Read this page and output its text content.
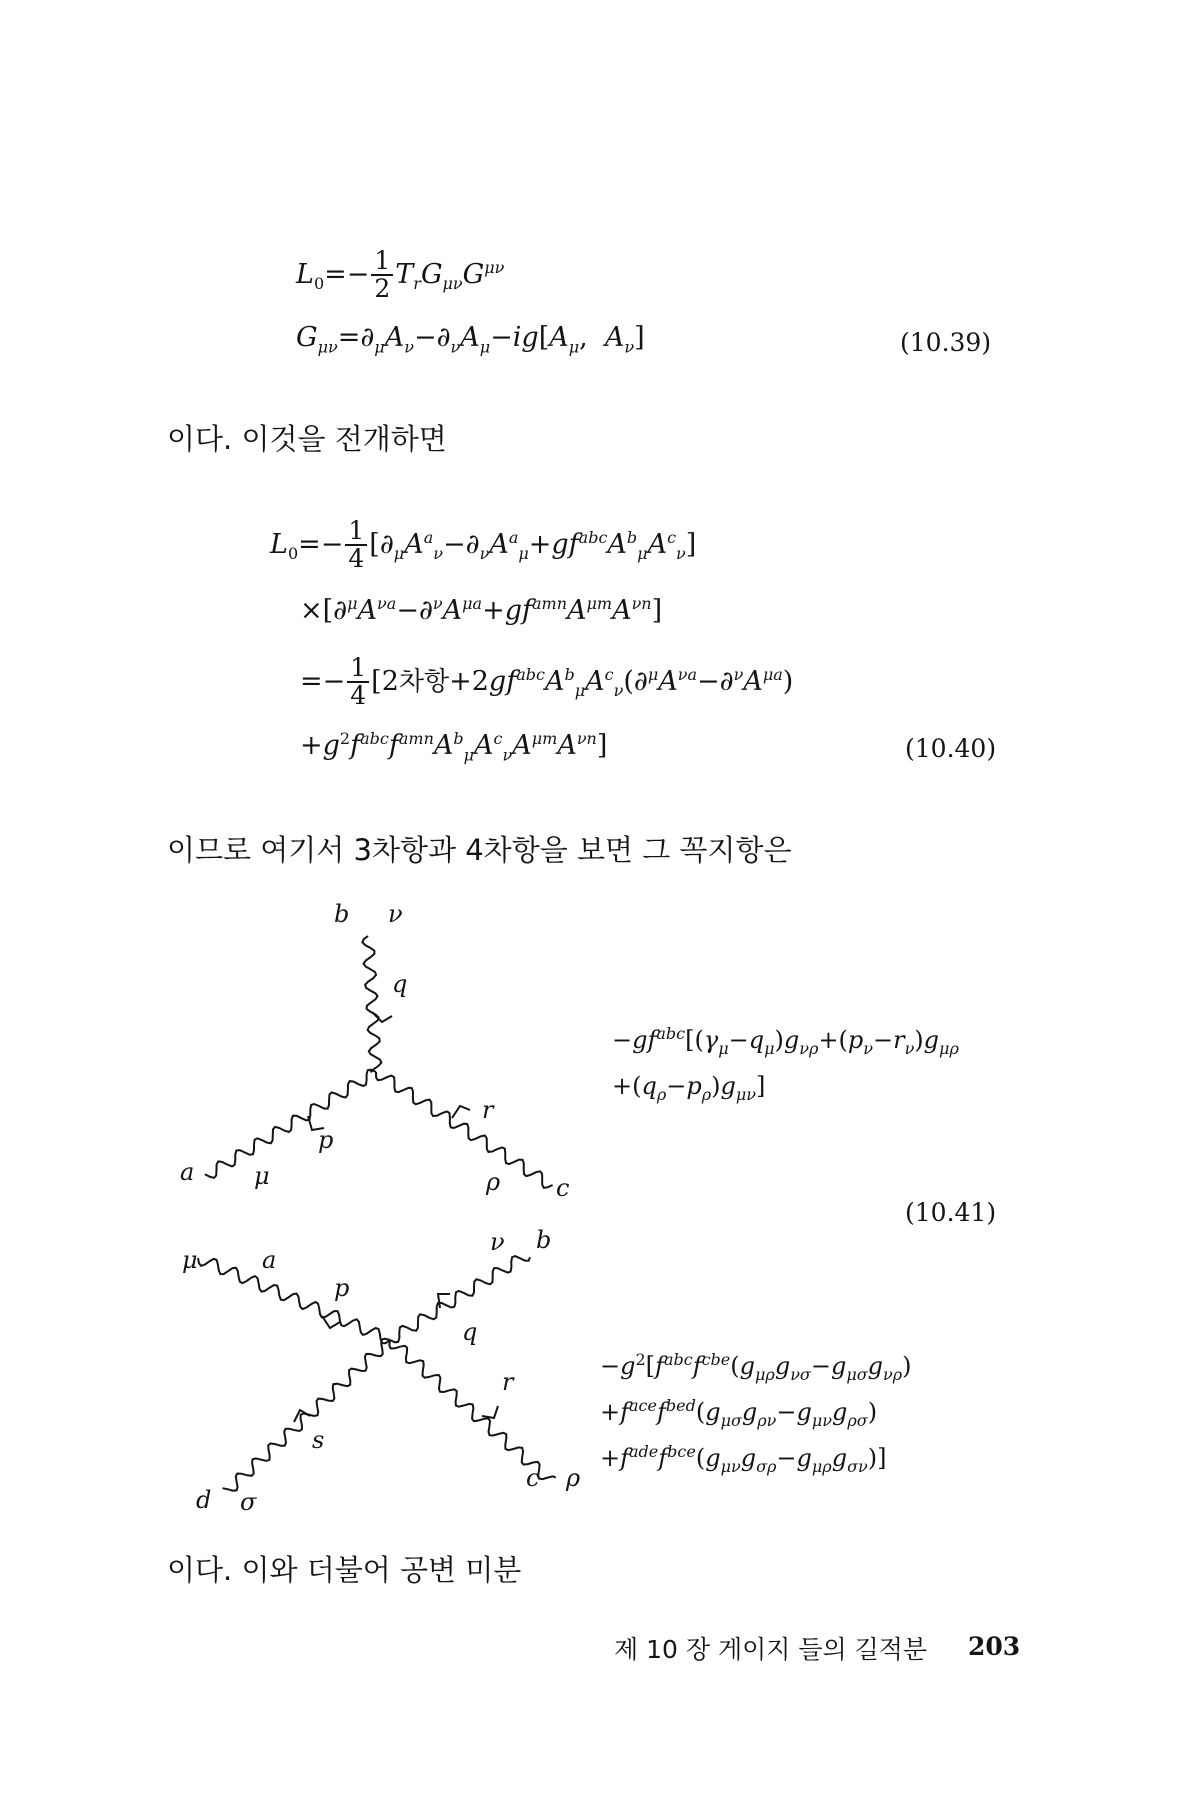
$L_0=- \frac{1}{2} T_rG_{\mu\nu}G^{\mu\nu}$
$G_{\mu\nu}=\partial_\mu A_\nu-\partial_\nu A_\mu-ig[A_\mu$,  $A_\nu$]	(10.39)
이다. 이것을 전개하면
$L_0=- \frac{1}{4} [\partial_\mu A^a_\nu-\partial_\nu A^a_\mu+gf^{abc}A^b_\mu A^c_\nu]$
$\times[\partial^\mu A^{\nu a}-\partial^\nu A^{\mu a}+gf^{amn}A^{\mu m}A^{\nu n}]$
=− $\frac{1}{4} [2$차항$+2gf^{abc}A^b_\mu A^c_\nu(\partial^\mu A^{\nu a}-\partial^\nu A^{\mu a})$
$+g^2f^{abc}f^{amn}A^b_\mu A^c_\nu A^{\mu m}A^{\nu n}$]	(10.40)
이므로 여기서 3차항과 4차항을 보면 그 꼭지항은
b ν
q
r
p
a μ	ρ c
μ	a
p
ν b
q
r
s
d σ
c ρ
$-gf^{abc}[(\gamma_\mu-q_\mu)g_{\nu\rho}+(p_\nu-r_\nu)g_{\mu\rho}$
$+(q_\rho-p_\rho)g_{\mu\nu}$]
(10.41)
$-g^2[f^{abc}f^{cbe}(g_{\mu\rho}g_{\nu\sigma}-g_{\mu\sigma}g_{\nu\rho})$
$+f^{ace}f^{bed}(g_{\mu\sigma}g_{\rho\nu}-g_{\mu\nu}g_{\rho\sigma})$
$+f^{ade}f^{bce}(g_{\mu\nu}g_{\sigma\rho}-g_{\mu\rho}g_{\sigma\nu})$]
이다. 이와 더불어 공변 미분
제 10 장 게이지 들의 길적분 203
